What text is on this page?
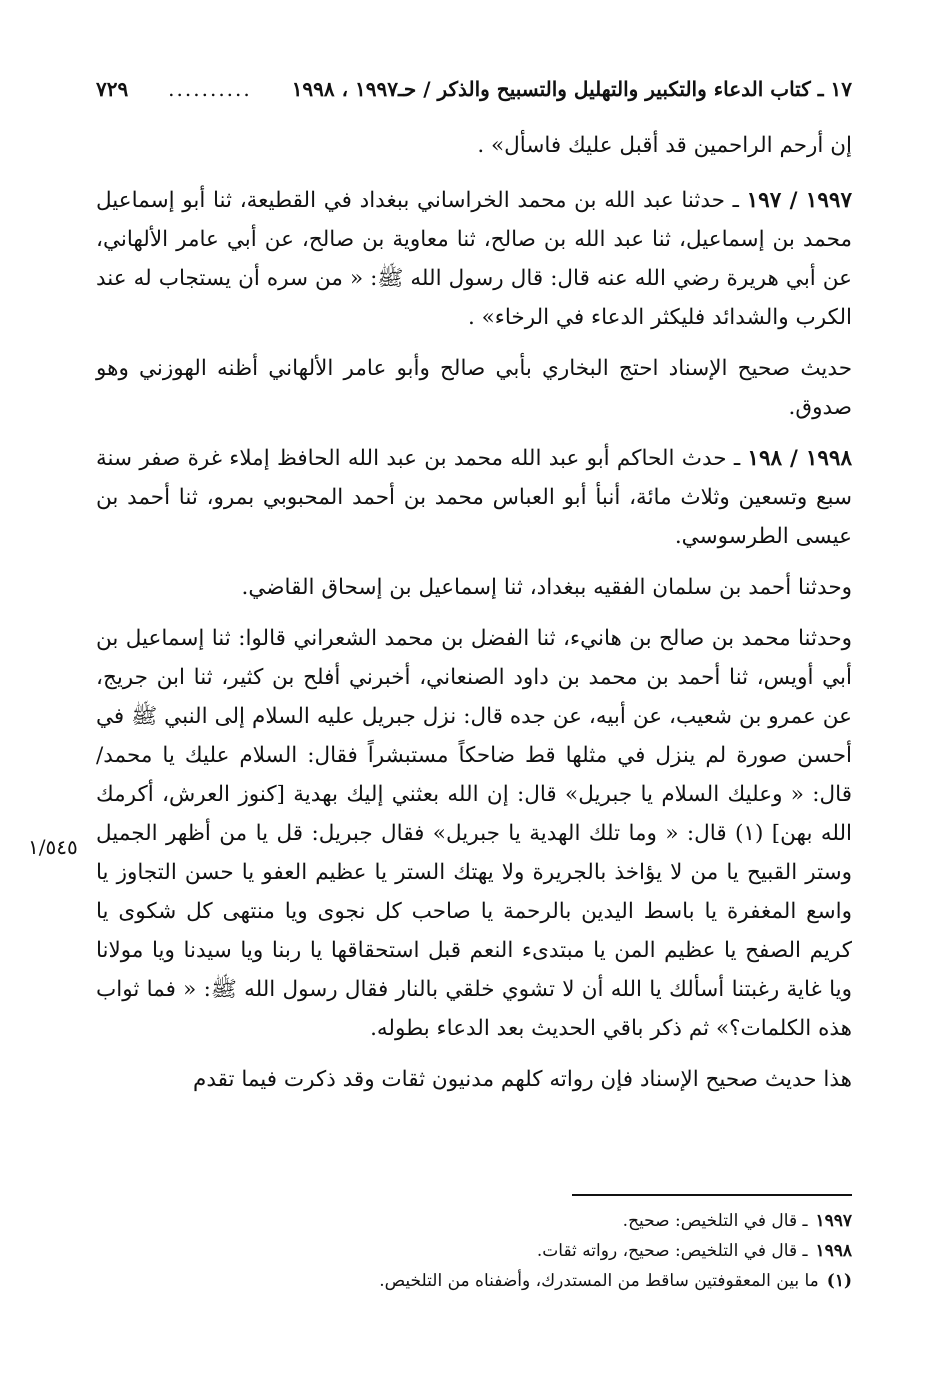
١٧ ـ كتاب الدعاء والتكبير والتهليل والتسبيح والذكر / حـ١٩٩٧ ، ١٩٩٨
..........
٧٢٩

إن أرحم الراحمين قد أقبل عليك فاسأل» .

١٩٩٧ / ١٩٧ ـ حدثنا عبد الله بن محمد الخراساني ببغداد في القطيعة، ثنا أبو إسماعيل محمد بن إسماعيل، ثنا عبد الله بن صالح، ثنا معاوية بن صالح، عن أبي عامر الألهاني، عن أبي هريرة رضي الله عنه قال: قال رسول الله ﷺ: « من سره أن يستجاب له عند الكرب والشدائد فليكثر الدعاء في الرخاء» .

حديث صحيح الإسناد احتج البخاري بأبي صالح وأبو عامر الألهاني أظنه الهوزني وهو صدوق.

١٩٩٨ / ١٩٨ ـ حدث الحاكم أبو عبد الله محمد بن عبد الله الحافظ إملاء غرة صفر سنة سبع وتسعين وثلاث مائة، أنبأ أبو العباس محمد بن أحمد المحبوبي بمرو، ثنا أحمد بن عيسى الطرسوسي.

وحدثنا أحمد بن سلمان الفقيه ببغداد، ثنا إسماعيل بن إسحاق القاضي.

وحدثنا محمد بن صالح بن هانيء، ثنا الفضل بن محمد الشعراني قالوا: ثنا إسماعيل بن أبي أويس، ثنا أحمد بن محمد بن داود الصنعاني، أخبرني أفلح بن كثير، ثنا ابن جريج، عن عمرو بن شعيب، عن أبيه، عن جده قال: نزل جبريل عليه السلام إلى النبي ﷺ في أحسن صورة لم ينزل في مثلها قط ضاحكاً مستبشراً فقال: السلام عليك يا محمد/ قال: « وعليك السلام يا جبريل» قال: إن الله بعثني إليك بهدية [كنوز العرش، أكرمك الله بهن] (١) قال: « وما تلك الهدية يا جبريل» فقال جبريل: قل يا من أظهر الجميل وستر القبيح يا من لا يؤاخذ بالجريرة ولا يهتك الستر يا عظيم العفو يا حسن التجاوز يا واسع المغفرة يا باسط اليدين بالرحمة يا صاحب كل نجوى ويا منتهى كل شكوى يا كريم الصفح يا عظيم المن يا مبتدىء النعم قبل استحقاقها يا ربنا ويا سيدنا ويا مولانا ويا غاية رغبتنا أسألك يا الله أن لا تشوي خلقي بالنار فقال رسول الله ﷺ: « فما ثواب هذه الكلمات؟» ثم ذكر باقي الحديث بعد الدعاء بطوله.

هذا حديث صحيح الإسناد فإن رواته كلهم مدنيون ثقات وقد ذكرت فيما تقدم

١/٥٤٥

١٩٩٧ـ قال في التلخيص: صحيح.

١٩٩٨ـ قال في التلخيص: صحيح، رواته ثقات.

(١)ما بين المعقوفتين ساقط من المستدرك، وأضفناه من التلخيص.
